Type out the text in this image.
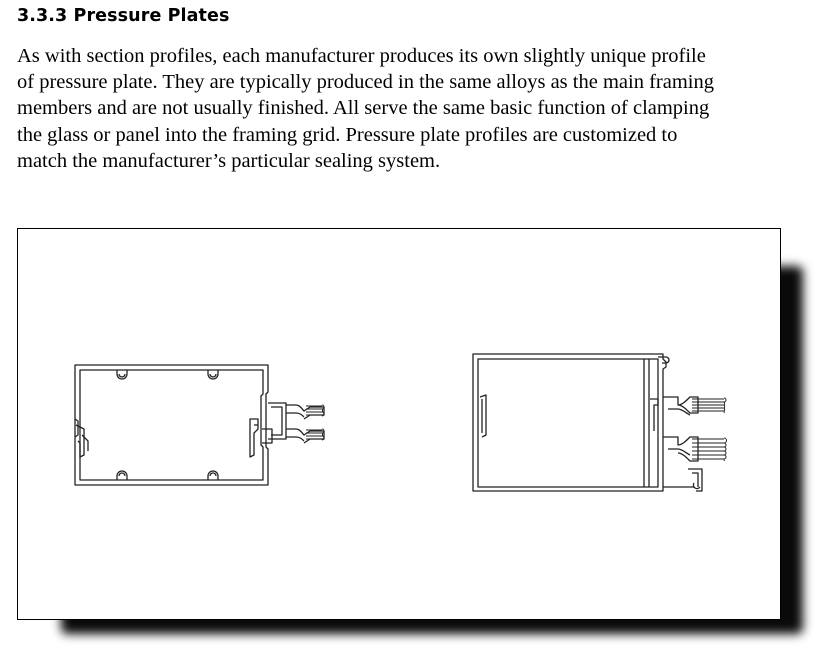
3.3.3 Pressure Plates

As with section profiles, each manufacturer produces its own slightly unique profile of pressure plate. They are typically produced in the same alloys as the main framing members and are not usually finished. All serve the same basic function of clamping the glass or panel into the framing grid. Pressure plate profiles are customized to match the manufacturer’s particular sealing system.
